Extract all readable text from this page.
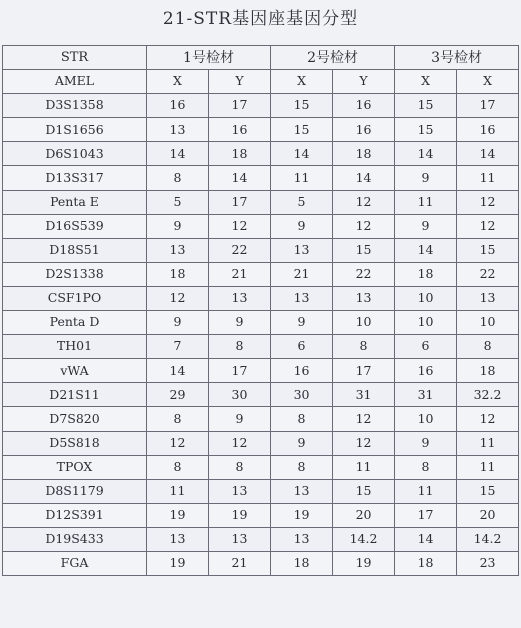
21-STR基因座基因分型
STR	1号检材		2号检材		3号检材	
AMEL	X	Y	X	Y	X	X
D3S1358	16	17	15	16	15	17
D1S1656	13	16	15	16	15	16
D6S1043	14	18	14	18	14	14
D13S317	8	14	11	14	9	11
Penta E	5	17	5	12	11	12
D16S539	9	12	9	12	9	12
D18S51	13	22	13	15	14	15
D2S1338	18	21	21	22	18	22
CSF1PO	12	13	13	13	10	13
Penta D	9	9	9	10	10	10
TH01	7	8	6	8	6	8
vWA	14	17	16	17	16	18
D21S11	29	30	30	31	31	32.2
D7S820	8	9	8	12	10	12
D5S818	12	12	9	12	9	11
TPOX	8	8	8	11	8	11
D8S1179	11	13	13	15	11	15
D12S391	19	19	19	20	17	20
D19S433	13	13	13	14.2	14	14.2
FGA	19	21	18	19	18	23
